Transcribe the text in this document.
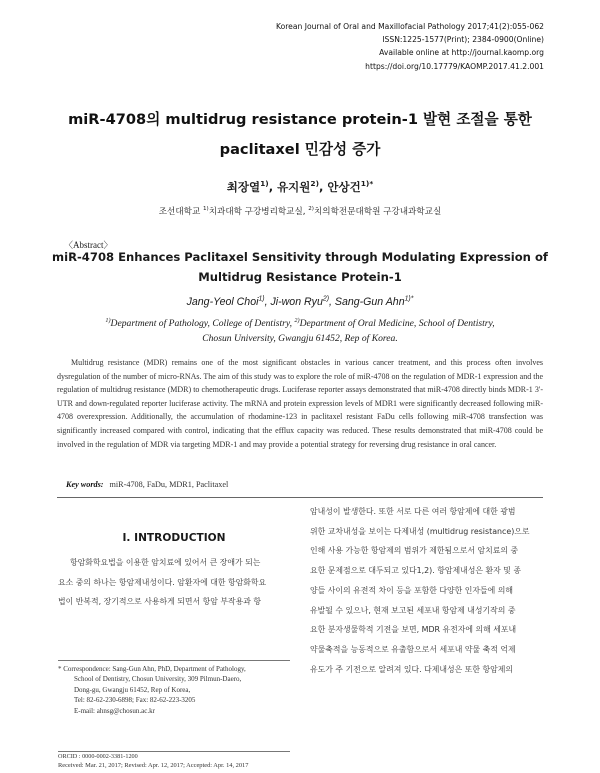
Korean Journal of Oral and Maxillofacial Pathology 2017;41(2):055-062
ISSN:1225-1577(Print); 2384-0900(Online)
Available online at http://journal.kaomp.org
https://doi.org/10.17779/KAOMP.2017.41.2.001
miR-4708의 multidrug resistance protein-1 발현 조절을 통한
paclitaxel 민감성 증가
최장열$^{1)}$, 유지원$^{2)}$, 안상건$^{1)*}$
조선대학교 $^{1)}$치과대학 구강병리학교실, $^{2)}$치의학전문대학원 구강내과학교실
〈Abstract〉
miR-4708 Enhances Paclitaxel Sensitivity through Modulating Expression of
Multidrug Resistance Protein-1
Jang-Yeol Choi$^{1)}$, Ji-won Ryu$^{2)}$, Sang-Gun Ahn$^{1)*}$
$^{1)}$Department of Pathology, College of Dentistry, $^{2)}$Department of Oral Medicine, School of Dentistry,
Chosun University, Gwangju 61452, Rep of Korea.
Multidrug resistance (MDR) remains one of the most significant obstacles in various cancer treatment, and this process often involves dysregulation of the number of micro-RNAs. The aim of this study was to explore the role of miR-4708 on the regulation of MDR-1 expression and the regulation of multidrug resistance (MDR) to chemotherapeutic drugs. Luciferase reporter assays demonstrated that miR-4708 directly binds MDR-1 3'-UTR and down-regulated reporter luciferase activity. The mRNA and protein expression levels of MDR1 were significantly decreased following miR-4708 overexpression. Additionally, the accumulation of rhodamine-123 in paclitaxel resistant FaDu cells following miR-4708 transfection was significantly increased compared with control, indicating that the efflux capacity was reduced. These results demonstrated that miR-4708 could be involved in the regulation of MDR via targeting MDR-1 and may provide a potential strategy for reversing drug resistance in oral cancer.
Key words: miR-4708, FaDu, MDR1, Paclitaxel
Ⅰ. INTRODUCTION
항암화학요법을 이용한 암치료에 있어서 큰 장애가 되는
요소 중의 하나는 항암제내성이다. 암환자에 대한 항암화학요
법이 반복적, 장기적으로 사용하게 되면서 항암 부작용과 항
암내성이 발생한다. 또한 서로 다른 여러 항암제에 대한 광범
위한 교차내성을 보이는 다제내성 (multidrug resistance)으로
인해 사용 가능한 항암제의 범위가 제한됨으로서 암치료의 중
요한 문제점으로 대두되고 있다1,2). 항암제내성은 환자 및 종
양들 사이의 유전적 차이 등을 포함한 다양한 인자들에 의해
유발될 수 있으나, 현재 보고된 세포내 항암제 내성기작의 중
요한 분자생물학적 기전을 보면, MDR 유전자에 의해 세포내
약물축적을 능동적으로 유출함으로서 세포내 약물 축적 억제
유도가 주 기전으로 알려져 있다. 다제내성은 또한 항암제의
* Correspondence: Sang-Gun Ahn, PhD, Department of Pathology,
School of Dentistry, Chosun University, 309 Pilmun-Daero,
Dong-gu, Gwangju 61452, Rep of Korea,
Tel: 82-62-230-6898; Fax: 82-62-223-3205
E-mail: ahnsg@chosun.ac.kr
ORCID : 0000-0002-3381-1200
Received: Mar. 21, 2017; Revised: Apr. 12, 2017; Accepted: Apr. 14, 2017
